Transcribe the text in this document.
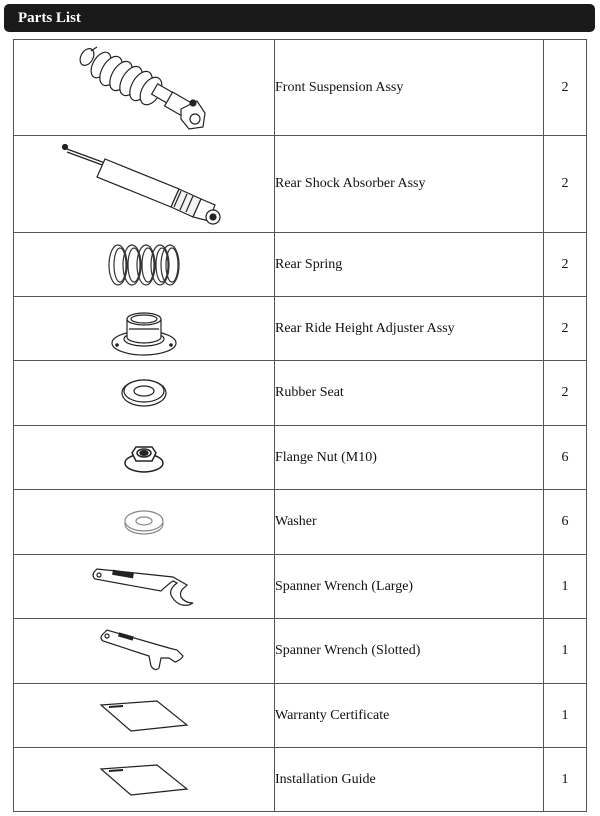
Parts List
	Front Suspension Assy	2

	Rear Shock Absorber Assy	2

	Rear Spring	2

	Rear Ride Height Adjuster Assy	2

	Rubber Seat	2

	Flange Nut (M10)	6

	Washer	6

	Spanner Wrench (Large)	1

	Spanner Wrench (Slotted)	1

	Warranty Certificate	1

	Installation Guide	1
